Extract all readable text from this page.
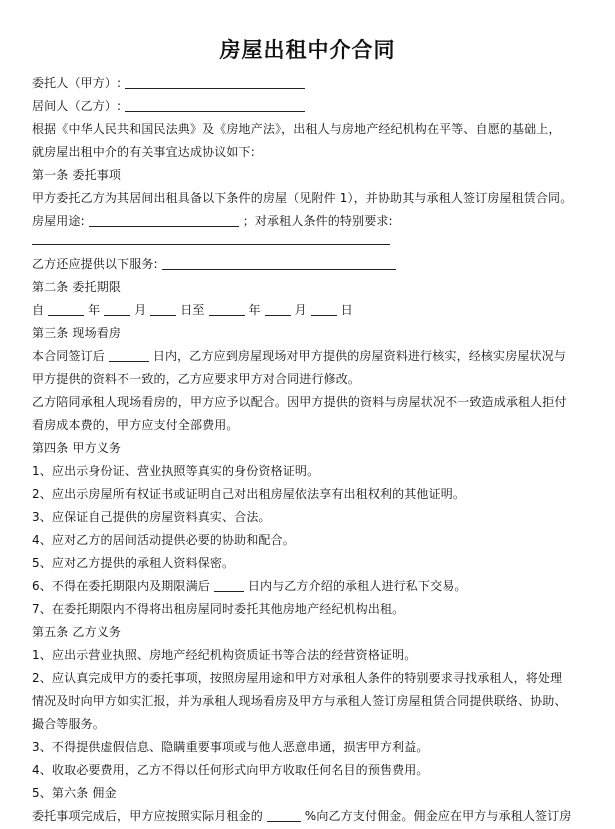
房屋出租中介合同
委托人（甲方）:
居间人（乙方）:
根据《中华人民共和国民法典》及《房地产法》，出租人与房地产经纪机构在平等、自愿的基础上，
就房屋出租中介的有关事宜达成协议如下:
第一条 委托事项
甲方委托乙方为其居间出租具备以下条件的房屋（见附件 1），并协助其与承租人签订房屋租赁合同。
房屋用途:	；对承租人条件的特别要求:
乙方还应提供以下服务:
第二条 委托期限
自	年	月	日至	年	月	日
第三条 现场看房
本合同签订后	日内，乙方应到房屋现场对甲方提供的房屋资料进行核实，经核实房屋状况与
甲方提供的资料不一致的，乙方应要求甲方对合同进行修改。
乙方陪同承租人现场看房的，甲方应予以配合。因甲方提供的资料与房屋状况不一致造成承租人拒付
看房成本费的，甲方应支付全部费用。
第四条 甲方义务
1、应出示身份证、营业执照等真实的身份资格证明。
2、应出示房屋所有权证书或证明自己对出租房屋依法享有出租权利的其他证明。
3、应保证自己提供的房屋资料真实、合法。
4、应对乙方的居间活动提供必要的协助和配合。
5、应对乙方提供的承租人资料保密。
6、不得在委托期限内及期限满后	日内与乙方介绍的承租人进行私下交易。
7、在委托期限内不得将出租房屋同时委托其他房地产经纪机构出租。
第五条 乙方义务
1、应出示营业执照、房地产经纪机构资质证书等合法的经营资格证明。
2、应认真完成甲方的委托事项，按照房屋用途和甲方对承租人条件的特别要求寻找承租人，将处理
情况及时向甲方如实汇报，并为承租人现场看房及甲方与承租人签订房屋租赁合同提供联络、协助、
撮合等服务。
3、不得提供虚假信息、隐瞒重要事项或与他人恶意串通，损害甲方利益。
4、收取必要费用，乙方不得以任何形式向甲方收取任何名目的预售费用。
5、第六条 佣金
委托事项完成后，甲方应按照实际月租金的	%向乙方支付佣金。佣金应在甲方与承租人签订房
